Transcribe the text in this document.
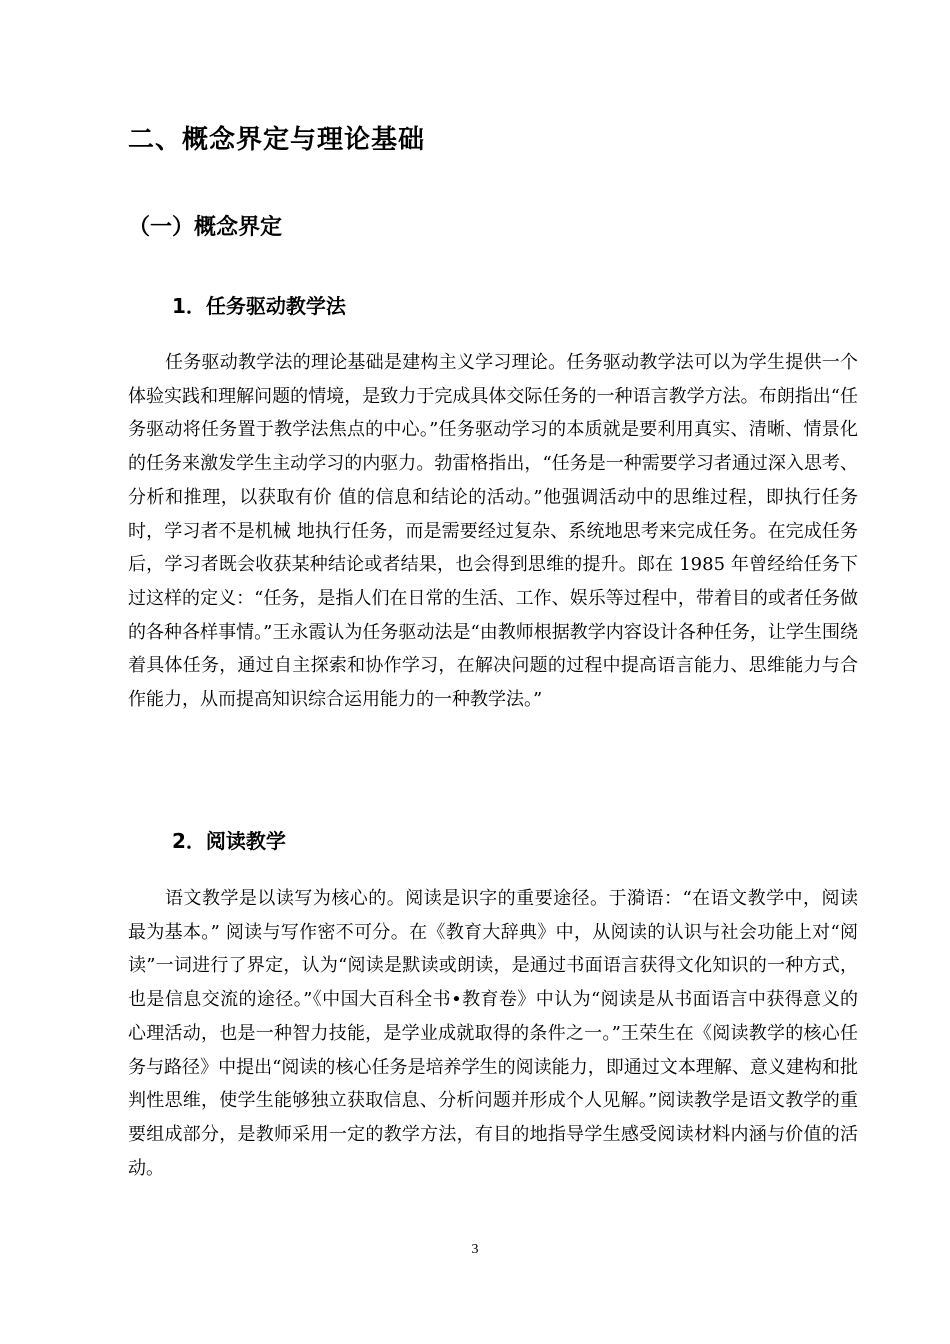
二、概念界定与理论基础
（一）概念界定
1．任务驱动教学法
任务驱动教学法的理论基础是建构主义学习理论。任务驱动教学法可以为学生提供一个体验实践和理解问题的情境，是致力于完成具体交际任务的一种语言教学方法。布朗指出“任务驱动将任务置于教学法焦点的中心。”任务驱动学习的本质就是要利用真实、清晰、情景化的任务来激发学生主动学习的内驱力。勃雷格指出，“任务是一种需要学习者通过深入思考、分析和推理，以获取有价 值的信息和结论的活动。”他强调活动中的思维过程，即执行任务时，学习者不是机械 地执行任务，而是需要经过复杂、系统地思考来完成任务。在完成任务后，学习者既会收获某种结论或者结果，也会得到思维的提升。郎在 1985 年曾经给任务下过这样的定义：“任务，是指人们在日常的生活、工作、娱乐等过程中，带着目的或者任务做的各种各样事情。”王永霞认为任务驱动法是“由教师根据教学内容设计各种任务，让学生围绕着具体任务，通过自主探索和协作学习，在解决问题的过程中提高语言能力、思维能力与合作能力，从而提高知识综合运用能力的一种教学法。”
2．阅读教学
语文教学是以读写为核心的。阅读是识字的重要途径。于漪语：“在语文教学中，阅读最为基本。” 阅读与写作密不可分。在《教育大辞典》中，从阅读的认识与社会功能上对“阅读”一词进行了界定，认为“阅读是默读或朗读，是通过书面语言获得文化知识的一种方式，也是信息交流的途径。”《中国大百科全书•教育卷》中认为“阅读是从书面语言中获得意义的心理活动，也是一种智力技能，是学业成就取得的条件之一。”王荣生在《阅读教学的核心任务与路径》中提出“阅读的核心任务是培养学生的阅读能力，即通过文本理解、意义建构和批判性思维，使学生能够独立获取信息、分析问题并形成个人见解。”阅读教学是语文教学的重要组成部分，是教师采用一定的教学方法，有目的地指导学生感受阅读材料内涵与价值的活动。
3
